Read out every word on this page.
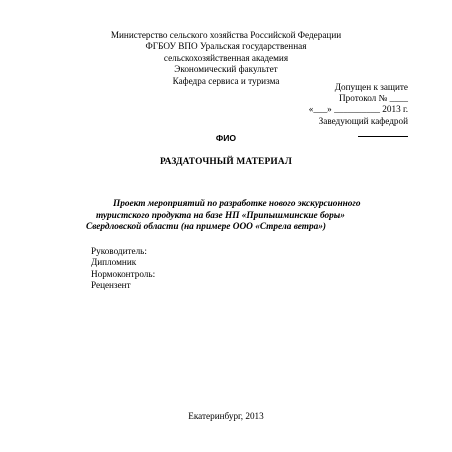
Министерство сельского хозяйства Российской Федерации
ФГБОУ ВПО Уральская государственная
сельскохозяйственная академия
Экономический факультет
Кафедра сервиса и туризма
Допущен к защите
Протокол № ____
«___» __________ 2013 г.
Заведующий кафедрой
ФИО
РАЗДАТОЧНЫЙ МАТЕРИАЛ
Проект мероприятий по разработке нового экскурсионного
туристского продукта на базе НП «Припышминские боры»
Свердловской области (на примере ООО «Стрела ветра»)
Руководитель:
Дипломник
Нормоконтроль:
Рецензент
Екатеринбург, 2013
